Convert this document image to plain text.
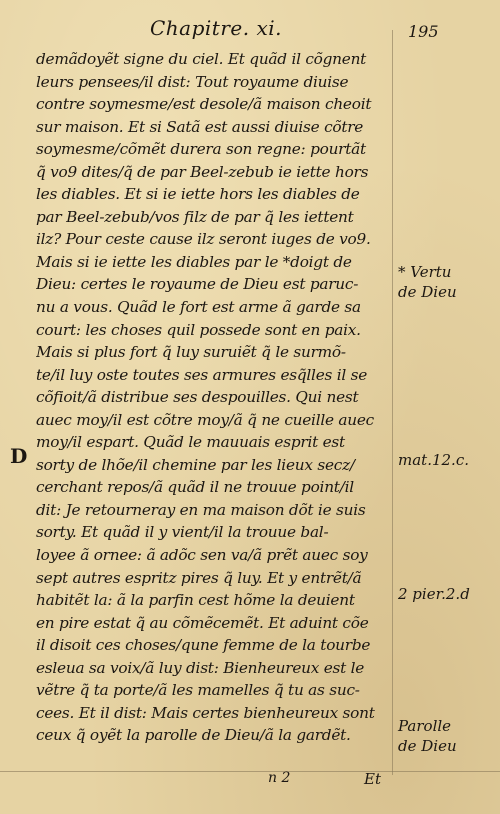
Chapitre. xi.	195
demãdoyẽt signe du ciel. Et quãd il cõgnent
leurs pensees/il dist: Tout royaume diuise
contre soymesme/est desole/ã maison cheoit
sur maison. Et si Satã est aussi diuise cõtre
soymesme/cõmẽt durera son regne: pourtãt
q̃ vo9 dites/q̃ de par Beel-zebub ie iette hors
les diables. Et si ie iette hors les diables de
par Beel-zebub/vos filz de par q̃ les iettent
ilz? Pour ceste cause ilz seront iuges de vo9.
Mais si ie iette les diables par le *doigt de
Dieu: certes le royaume de Dieu est paruc-
nu a vous. Quãd le fort est arme ã garde sa
court: les choses quil possede sont en paix.
Mais si plus fort q̃ luy suruiẽt q̃ le surmõ-
te/il luy oste toutes ses armures esq̃lles il se
cõfioit/ã distribue ses despouilles. Qui nest
auec moy/il est cõtre moy/ã q̃ ne cueille auec
moy/il espart. Quãd le mauuais esprit est
sorty de lhõe/il chemine par les lieux secz/
cerchant repos/ã quãd il ne trouue point/il
dit: Je retourneray en ma maison dõt ie suis
sorty. Et quãd il y vient/il la trouue bal-
loyee ã ornee: ã adõc sen va/ã prẽt auec soy
sept autres espritz pires q̃ luy. Et y entrẽt/ã
habitẽt la: ã la parfin cest hõme la deuient
en pire estat q̃ au cõmẽcemẽt. Et aduint cõe
il disoit ces choses/qune femme de la tourbe
esleua sa voix/ã luy dist: Bienheureux est le
vẽtre q̃ ta porte/ã les mamelles q̃ tu as suc-
cees. Et il dist: Mais certes bienheureux sont
ceux q̃ oyẽt la parolle de Dieu/ã la gardẽt.
* Vertu
de Dieu
mat.12.c.
2 pier.2.d
Parolle
de Dieu
D
n 2	Et
